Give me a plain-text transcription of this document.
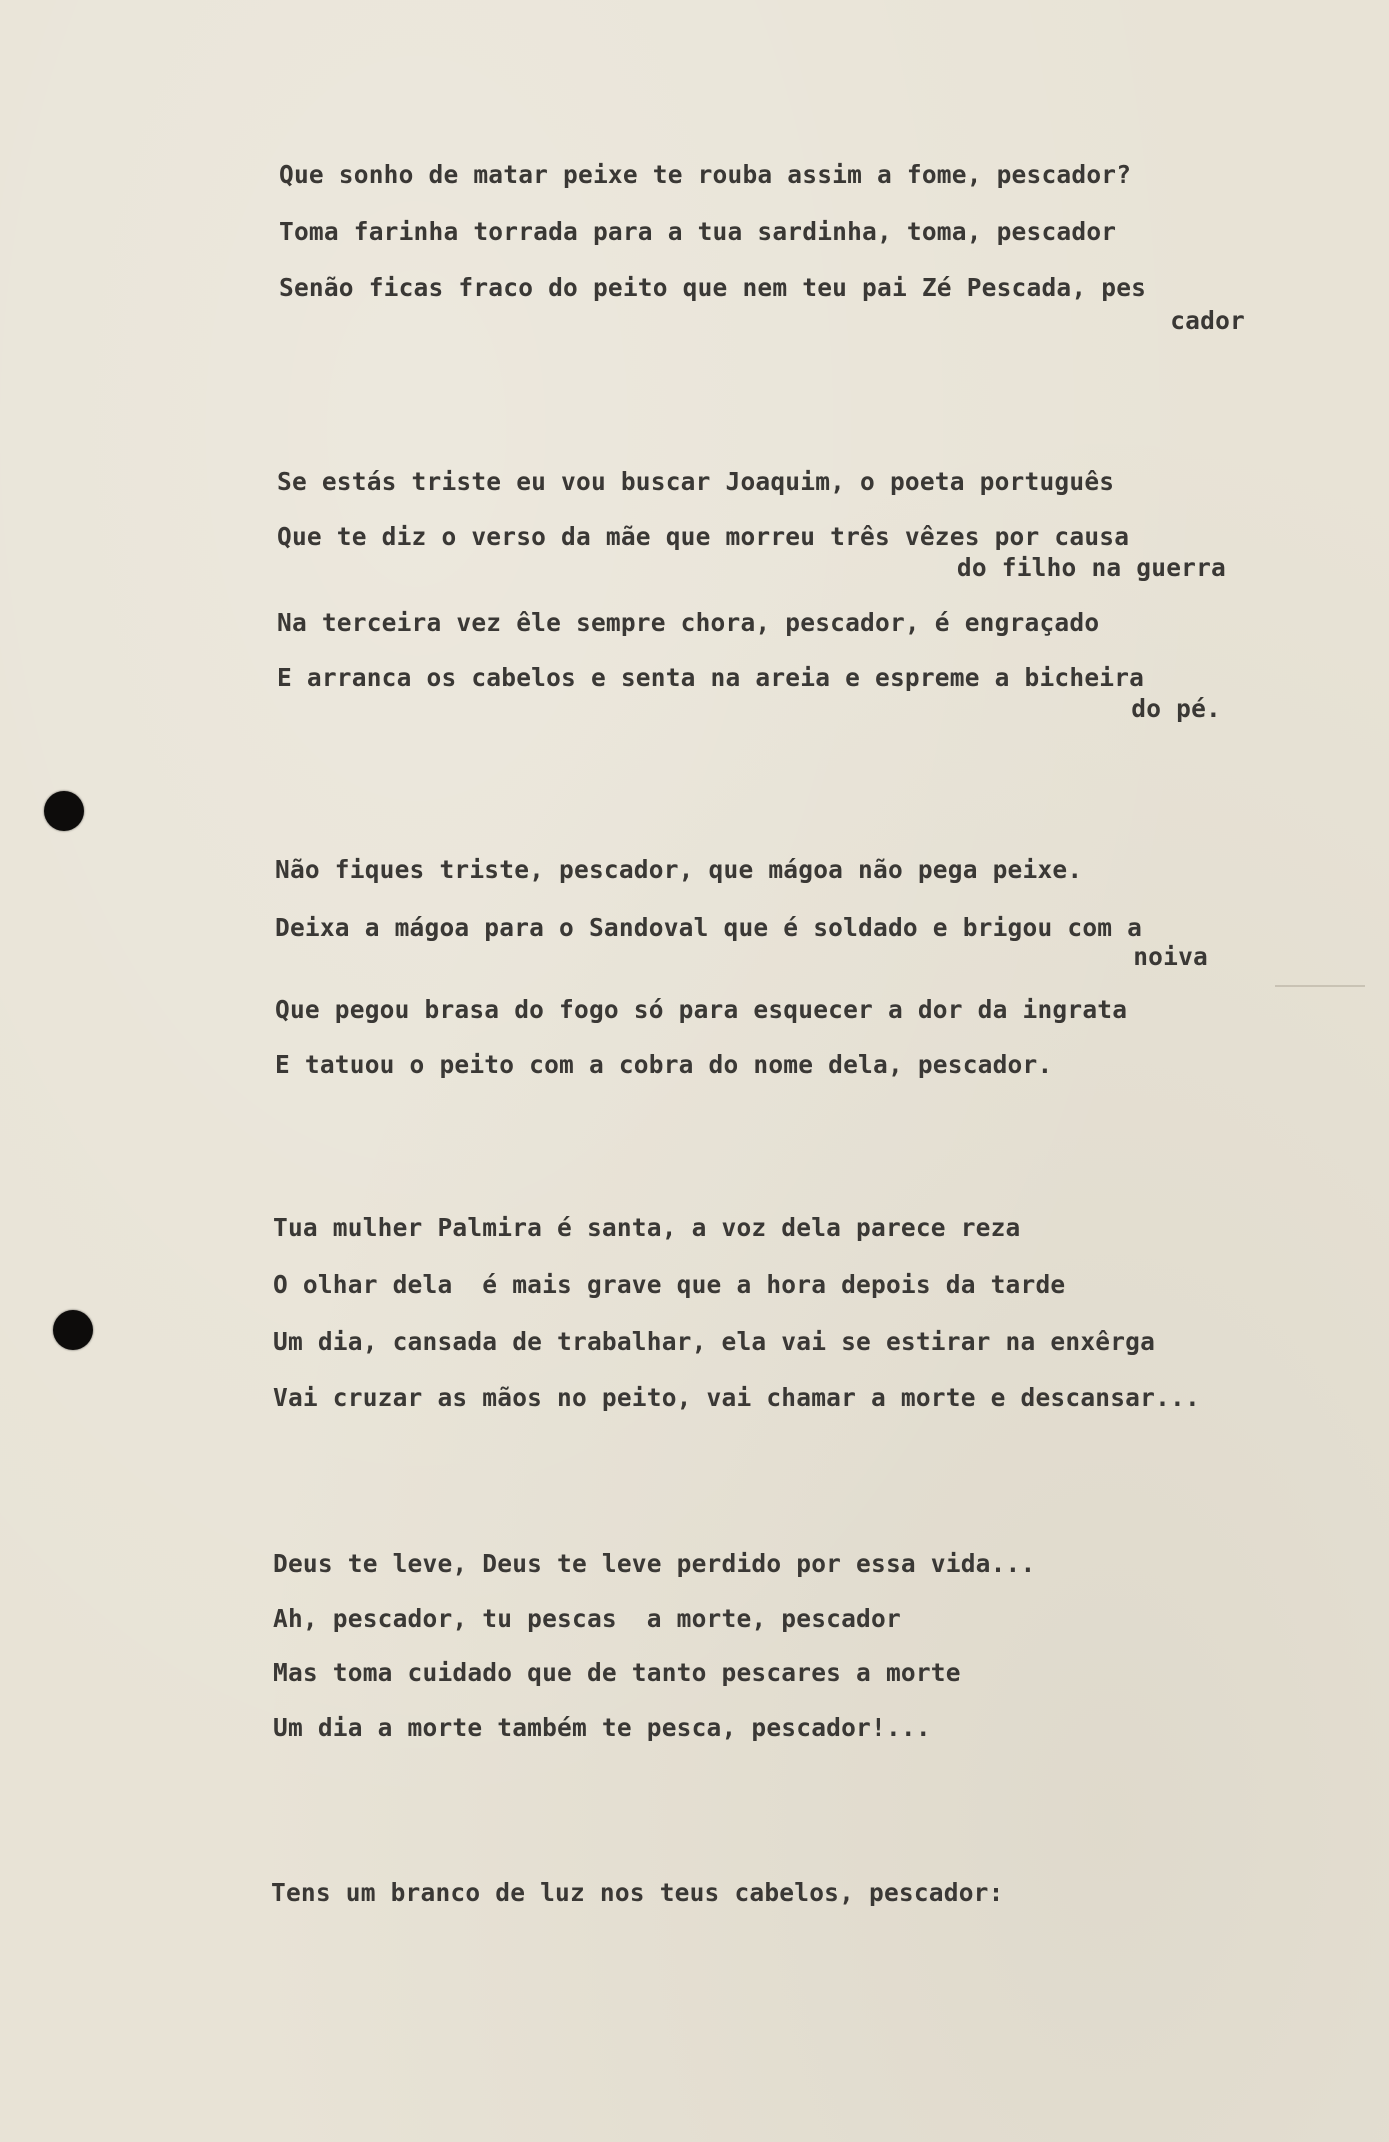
Que sonho de matar peixe te rouba assim a fome, pescador?
Toma farinha torrada para a tua sardinha, toma, pescador
Senão ficas fraco do peito que nem teu pai Zé Pescada, pes
cador
Se estás triste eu vou buscar Joaquim, o poeta português
Que te diz o verso da mãe que morreu três vêzes por causa
do filho na guerra
Na terceira vez êle sempre chora, pescador, é engraçado
E arranca os cabelos e senta na areia e espreme a bicheira
do pé.
Não fiques triste, pescador, que mágoa não pega peixe.
Deixa a mágoa para o Sandoval que é soldado e brigou com a
noiva
Que pegou brasa do fogo só para esquecer a dor da ingrata
E tatuou o peito com a cobra do nome dela, pescador.
Tua mulher Palmira é santa, a voz dela parece reza
O olhar dela  é mais grave que a hora depois da tarde
Um dia, cansada de trabalhar, ela vai se estirar na enxêrga
Vai cruzar as mãos no peito, vai chamar a morte e descansar...
Deus te leve, Deus te leve perdido por essa vida...
Ah, pescador, tu pescas  a morte, pescador
Mas toma cuidado que de tanto pescares a morte
Um dia a morte também te pesca, pescador!...
Tens um branco de luz nos teus cabelos, pescador:
